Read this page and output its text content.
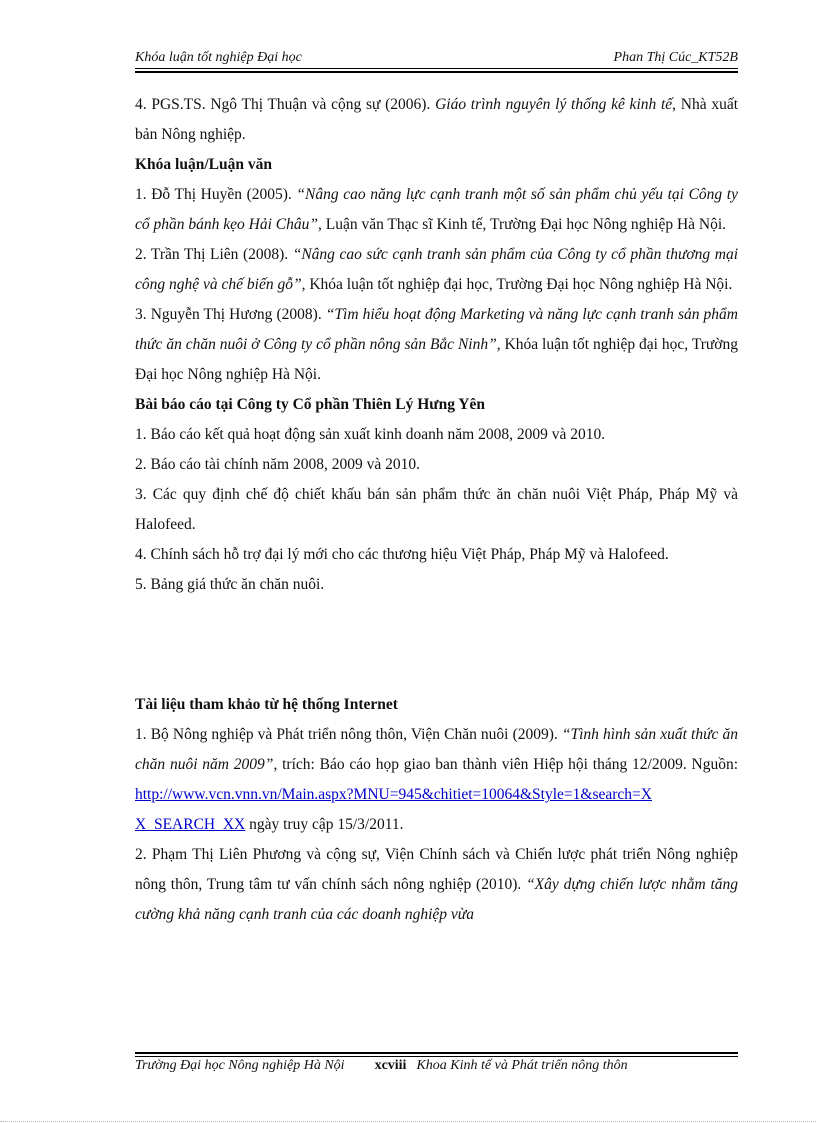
Khóa luận tốt nghiệp Đại học	Phan Thị Cúc_KT52B

4. PGS.TS. Ngô Thị Thuận và cộng sự (2006). Giáo trình nguyên lý thống kê kinh tế, Nhà xuất bản Nông nghiệp.

Khóa luận/Luận văn

1. Đỗ Thị Huyền (2005). “Nâng cao năng lực cạnh tranh một số sản phẩm chủ yếu tại Công ty cổ phần bánh kẹo Hải Châu”, Luận văn Thạc sĩ Kinh tế, Trường Đại học Nông nghiệp Hà Nội.

2. Trần Thị Liên (2008). “Nâng cao sức cạnh tranh sản phẩm của Công ty cổ phần thương mại công nghệ và chế biến gỗ”, Khóa luận tốt nghiệp đại học, Trường Đại học Nông nghiệp Hà Nội.

3. Nguyễn Thị Hương (2008). “Tìm hiểu hoạt động Marketing và năng lực cạnh tranh sản phẩm thức ăn chăn nuôi ở Công ty cổ phần nông sản Bắc Ninh”, Khóa luận tốt nghiệp đại học, Trường Đại học Nông nghiệp Hà Nội.

Bài báo cáo tại Công ty Cổ phần Thiên Lý Hưng Yên

1. Báo cáo kết quả hoạt động sản xuất kinh doanh năm 2008, 2009 và 2010.

2. Báo cáo tài chính năm 2008, 2009 và 2010.

3. Các quy định chế độ chiết khấu bán sản phẩm thức ăn chăn nuôi Việt Pháp, Pháp Mỹ và Halofeed.

4. Chính sách hỗ trợ đại lý mới cho các thương hiệu Việt Pháp, Pháp Mỹ và Halofeed.

5. Bảng giá thức ăn chăn nuôi.

Tài liệu tham khảo từ hệ thống Internet

1. Bộ Nông nghiệp và Phát triển nông thôn, Viện Chăn nuôi (2009). “Tình hình sản xuất thức ăn chăn nuôi năm 2009”, trích: Báo cáo họp giao ban thành viên Hiệp hội tháng 12/2009. Nguồn: http://www.vcn.vnn.vn/Main.aspx?MNU=945&chitiet=10064&Style=1&search=X X_SEARCH_XX ngày truy cập 15/3/2011.

2. Phạm Thị Liên Phương và cộng sự, Viện Chính sách và Chiến lược phát triển Nông nghiệp nông thôn, Trung tâm tư vấn chính sách nông nghiệp (2010). “Xây dựng chiến lược nhằm tăng cường khả năng cạnh tranh của các doanh nghiệp vừa

Trường Đại học Nông nghiệp Hà Nội xcviii Khoa Kinh tế và Phát triển nông thôn
